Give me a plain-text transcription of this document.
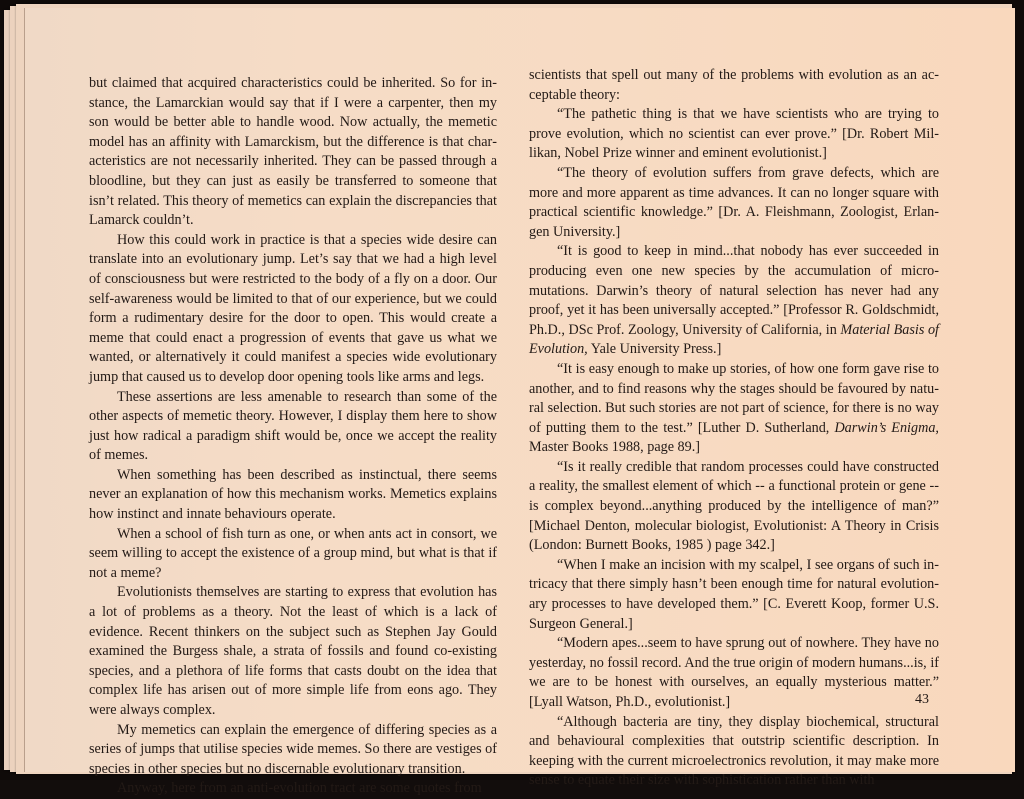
but claimed that acquired characteristics could be inherited. So for instance, the Lamarckian would say that if I were a carpenter, then my son would be better able to handle wood. Now actually, the memetic model has an affinity with Lamarckism, but the difference is that characteristics are not necessarily inherited. They can be passed through a bloodline, but they can just as easily be transferred to someone that isn’t related. This theory of memetics can explain the discrepancies that Lamarck couldn’t.

How this could work in practice is that a species wide desire can translate into an evolutionary jump. Let’s say that we had a high level of consciousness but were restricted to the body of a fly on a door. Our self-awareness would be limited to that of our experience, but we could form a rudimentary desire for the door to open. This would create a meme that could enact a progression of events that gave us what we wanted, or alternatively it could manifest a species wide evolutionary jump that caused us to develop door opening tools like arms and legs.

These assertions are less amenable to research than some of the other aspects of memetic theory. However, I display them here to show just how radical a paradigm shift would be, once we accept the reality of memes.

When something has been described as instinctual, there seems never an explanation of how this mechanism works. Memetics explains how instinct and innate behaviours operate.

When a school of fish turn as one, or when ants act in consort, we seem willing to accept the existence of a group mind, but what is that if not a meme?

Evolutionists themselves are starting to express that evolution has a lot of problems as a theory. Not the least of which is a lack of evidence. Recent thinkers on the subject such as Stephen Jay Gould examined the Burgess shale, a strata of fossils and found co-existing species, and a plethora of life forms that casts doubt on the idea that complex life has arisen out of more simple life from eons ago. They were always complex.

My memetics can explain the emergence of differing species as a series of jumps that utilise species wide memes. So there are vestiges of species in other species but no discernable evolutionary transition.

Anyway, here from an anti-evolution tract are some quotes from

scientists that spell out many of the problems with evolution as an acceptable theory:

“The pathetic thing is that we have scientists who are trying to prove evolution, which no scientist can ever prove.” [Dr. Robert Millikan, Nobel Prize winner and eminent evolutionist.]

“The theory of evolution suffers from grave defects, which are more and more apparent as time advances. It can no longer square with practical scientific knowledge.” [Dr. A. Fleishmann, Zoologist, Erlangen University.]

“It is good to keep in mind...that nobody has ever succeeded in producing even one new species by the accumulation of micro-mutations. Darwin’s theory of natural selection has never had any proof, yet it has been universally accepted.” [Professor R. Goldschmidt, Ph.D., DSc Prof. Zoology, University of California, in Material Basis of Evolution, Yale University Press.]

“It is easy enough to make up stories, of how one form gave rise to another, and to find reasons why the stages should be favoured by natural selection. But such stories are not part of science, for there is no way of putting them to the test.” [Luther D. Sutherland, Darwin’s Enigma, Master Books 1988, page 89.]

“Is it really credible that random processes could have constructed a reality, the smallest element of which -- a functional protein or gene -- is complex beyond...anything produced by the intelligence of man?” [Michael Denton, molecular biologist, Evolutionist: A Theory in Crisis (London: Burnett Books, 1985 ) page 342.]

“When I make an incision with my scalpel, I see organs of such intricacy that there simply hasn’t been enough time for natural evolutionary processes to have developed them.” [C. Everett Koop, former U.S. Surgeon General.]

“Modern apes...seem to have sprung out of nowhere. They have no yesterday, no fossil record. And the true origin of modern humans...is, if we are to be honest with ourselves, an equally mysterious matter.” [Lyall Watson, Ph.D., evolutionist.]

“Although bacteria are tiny, they display biochemical, structural and behavioural complexities that outstrip scientific description. In keeping with the current microelectronics revolution, it may make more sense to equate their size with sophistication rather than with

43
